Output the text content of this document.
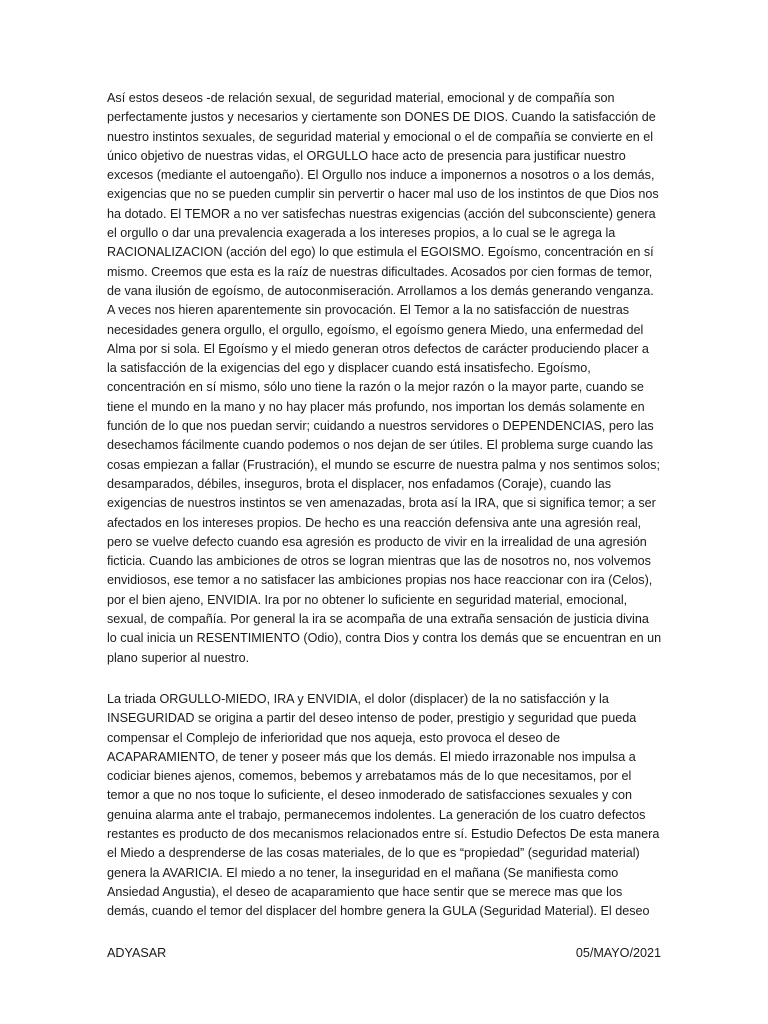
Así estos deseos -de relación sexual, de seguridad material, emocional y de compañía son perfectamente justos y necesarios y ciertamente son DONES DE DIOS. Cuando la satisfacción de nuestro instintos sexuales, de seguridad material y emocional o el de compañía se convierte en el único objetivo de nuestras vidas, el ORGULLO hace acto de presencia para justificar nuestro excesos (mediante el autoengaño). El Orgullo nos induce a imponernos a nosotros o a los demás, exigencias que no se pueden cumplir sin pervertir o hacer mal uso de los instintos de que Dios nos ha dotado. El TEMOR a no ver satisfechas nuestras exigencias (acción del subconsciente) genera el orgullo o dar una prevalencia exagerada a los intereses propios, a lo cual se le agrega la RACIONALIZACION (acción del ego) lo que estimula el EGOISMO. Egoísmo, concentración en sí mismo. Creemos que esta es la raíz de nuestras dificultades. Acosados por cien formas de temor, de vana ilusión de egoísmo, de autoconmiseración. Arrollamos a los demás generando venganza. A veces nos hieren aparentemente sin provocación. El Temor a la no satisfacción de nuestras necesidades genera orgullo, el orgullo, egoísmo, el egoísmo genera Miedo, una enfermedad del Alma por si sola. El Egoísmo y el miedo generan otros defectos de carácter produciendo placer a la satisfacción de la exigencias del ego y displacer cuando está insatisfecho. Egoísmo, concentración en sí mismo, sólo uno tiene la razón o la mejor razón o la mayor parte, cuando se tiene el mundo en la mano y no hay placer más profundo, nos importan los demás solamente en función de lo que nos puedan servir; cuidando a nuestros servidores o DEPENDENCIAS, pero las desechamos fácilmente cuando podemos o nos dejan de ser útiles. El problema surge cuando las cosas empiezan a fallar (Frustración), el mundo se escurre de nuestra palma y nos sentimos solos; desamparados, débiles, inseguros, brota el displacer, nos enfadamos (Coraje), cuando las exigencias de nuestros instintos se ven amenazadas, brota así la IRA, que si significa temor; a ser afectados en los intereses propios. De hecho es una reacción defensiva ante una agresión real, pero se vuelve defecto cuando esa agresión es producto de vivir en la irrealidad de una agresión ficticia. Cuando las ambiciones de otros se logran mientras que las de nosotros no, nos volvemos envidiosos, ese temor a no satisfacer las ambiciones propias nos hace reaccionar con ira (Celos), por el bien ajeno, ENVIDIA. Ira por no obtener lo suficiente en seguridad material, emocional, sexual, de compañía. Por general la ira se acompaña de una extraña sensación de justicia divina lo cual inicia un RESENTIMIENTO (Odio), contra Dios y contra los demás que se encuentran en un plano superior al nuestro.

La triada ORGULLO-MIEDO, IRA y ENVIDIA, el dolor (displacer) de la no satisfacción y la INSEGURIDAD se origina a partir del deseo intenso de poder, prestigio y seguridad que pueda compensar el Complejo de inferioridad que nos aqueja, esto provoca el deseo de ACAPARAMIENTO, de tener y poseer más que los demás. El miedo irrazonable nos impulsa a codiciar bienes ajenos, comemos, bebemos y arrebatamos más de lo que necesitamos, por el temor a que no nos toque lo suficiente, el deseo inmoderado de satisfacciones sexuales y con genuina alarma ante el trabajo, permanecemos indolentes. La generación de los cuatro defectos restantes es producto de dos mecanismos relacionados entre sí. Estudio Defectos De esta manera el Miedo a desprenderse de las cosas materiales, de lo que es “propiedad” (seguridad material) genera la AVARICIA. El miedo a no tener, la inseguridad en el mañana (Se manifiesta como Ansiedad Angustia), el deseo de acaparamiento que hace sentir que se merece mas que los demás, cuando el temor del displacer del hombre genera la GULA (Seguridad Material). El deseo

ADYASAR	05/MAYO/2021
